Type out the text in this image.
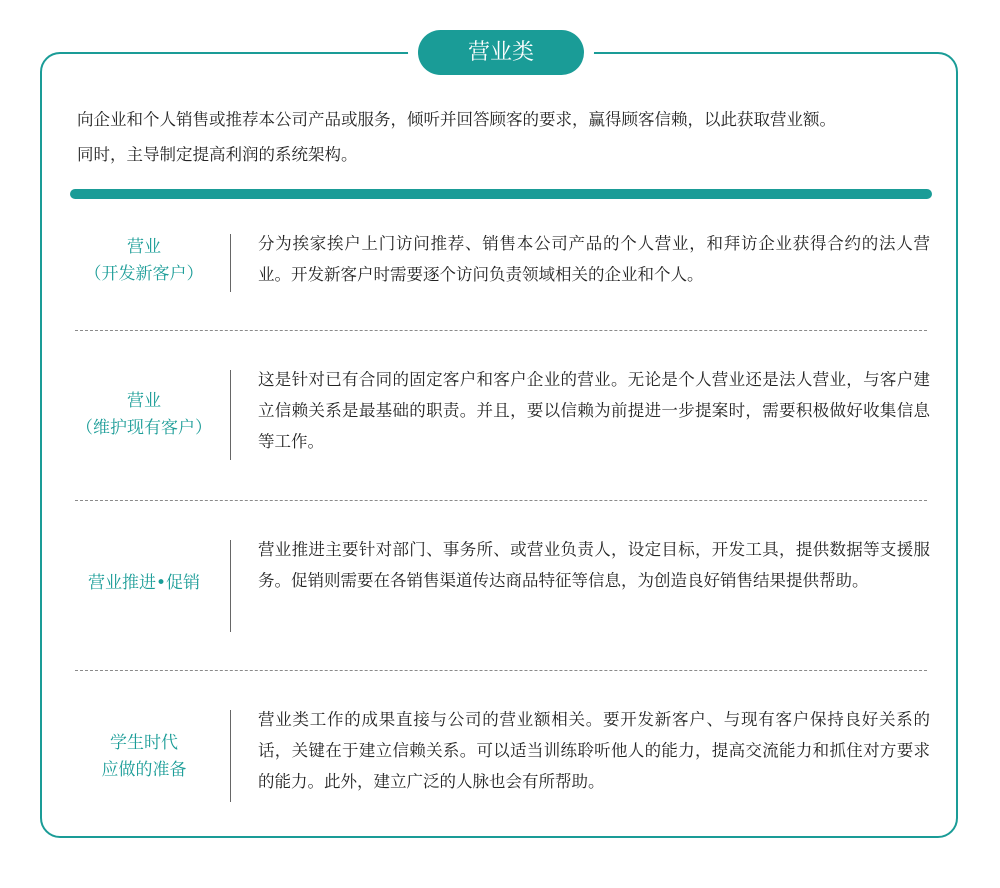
营业类

向企业和个人销售或推荐本公司产品或服务，倾听并回答顾客的要求，赢得顾客信赖，以此获取营业额。

同时，主导制定提高利润的系统架构。

营业
（开发新客户）
分为挨家挨户上门访问推荐、销售本公司产品的个人营业，和拜访企业获得合约的法人营业。开发新客户时需要逐个访问负责领域相关的企业和个人。
营业
（维护现有客户）
这是针对已有合同的固定客户和客户企业的营业。无论是个人营业还是法人营业，与客户建立信赖关系是最基础的职责。并且，要以信赖为前提进一步提案时，需要积极做好收集信息等工作。
营业推进•促销
营业推进主要针对部门、事务所、或营业负责人，设定目标，开发工具，提供数据等支援服务。促销则需要在各销售渠道传达商品特征等信息，为创造良好销售结果提供帮助。
学生时代
应做的准备
营业类工作的成果直接与公司的营业额相关。要开发新客户、与现有客户保持良好关系的话，关键在于建立信赖关系。可以适当训练聆听他人的能力，提高交流能力和抓住对方要求的能力。此外，建立广泛的人脉也会有所帮助。
